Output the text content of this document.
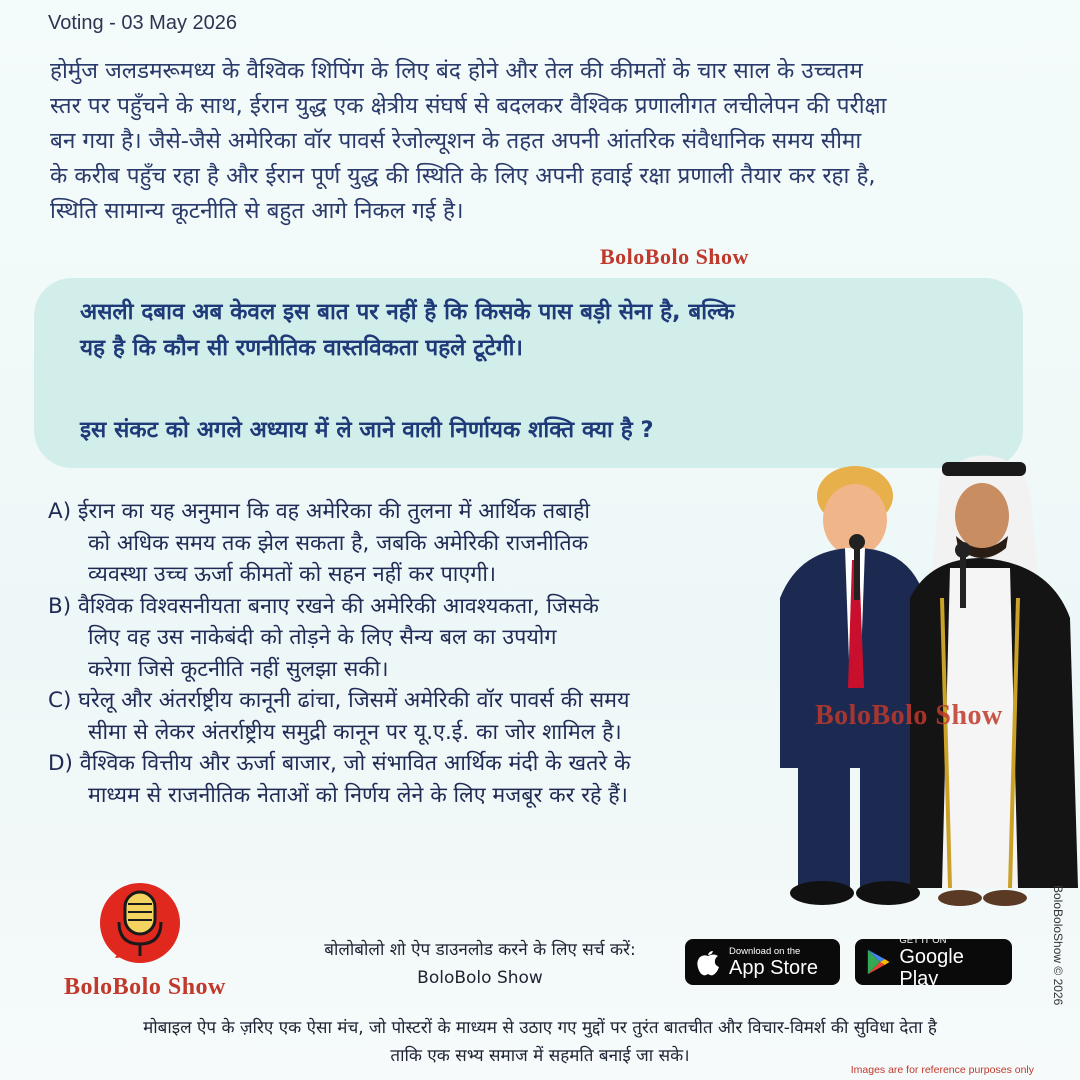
Voting - 03 May 2026
होर्मुज जलडमरूमध्य के वैश्विक शिपिंग के लिए बंद होने और तेल की कीमतों के चार साल के उच्चतम
स्तर पर पहुँचने के साथ, ईरान युद्ध एक क्षेत्रीय संघर्ष से बदलकर वैश्विक प्रणालीगत लचीलेपन की परीक्षा
बन गया है। जैसे-जैसे अमेरिका वॉर पावर्स रेजोल्यूशन के तहत अपनी आंतरिक संवैधानिक समय सीमा
के करीब पहुँच रहा है और ईरान पूर्ण युद्ध की स्थिति के लिए अपनी हवाई रक्षा प्रणाली तैयार कर रहा है,
स्थिति सामान्य कूटनीति से बहुत आगे निकल गई है।
BoloBolo Show
असली दबाव अब केवल इस बात पर नहीं है कि किसके पास बड़ी सेना है, बल्कि
यह है कि कौन सी रणनीतिक वास्तविकता पहले टूटेगी।
इस संकट को अगले अध्याय में ले जाने वाली निर्णायक शक्ति क्या है ?
A) ईरान का यह अनुमान कि वह अमेरिका की तुलना में आर्थिक तबाही
को अधिक समय तक झेल सकता है, जबकि अमेरिकी राजनीतिक
व्यवस्था उच्च ऊर्जा कीमतों को सहन नहीं कर पाएगी।
B) वैश्विक विश्वसनीयता बनाए रखने की अमेरिकी आवश्यकता, जिसके
लिए वह उस नाकेबंदी को तोड़ने के लिए सैन्य बल का उपयोग
करेगा जिसे कूटनीति नहीं सुलझा सकी।
C) घरेलू और अंतर्राष्ट्रीय कानूनी ढांचा, जिसमें अमेरिकी वॉर पावर्स की समय
सीमा से लेकर अंतर्राष्ट्रीय समुद्री कानून पर यू.ए.ई. का जोर शामिल है।
D) वैश्विक वित्तीय और ऊर्जा बाजार, जो संभावित आर्थिक मंदी के खतरे के
माध्यम से राजनीतिक नेताओं को निर्णय लेने के लिए मजबूर कर रहे हैं।
BoloBolo Show
BoloBolo Show
बोलोबोलो शो ऐप डाउनलोड करने के लिए सर्च करें:
BoloBolo Show
Download on the
App Store
GET IT ON
Google Play
मोबाइल ऐप के ज़रिए एक ऐसा मंच, जो पोस्टरों के माध्यम से उठाए गए मुद्दों पर तुरंत बातचीत और विचार-विमर्श की सुविधा देता है
ताकि एक सभ्य समाज में सहमति बनाई जा सके।
Images are for reference purposes only
BoloBoloShow © 2026
